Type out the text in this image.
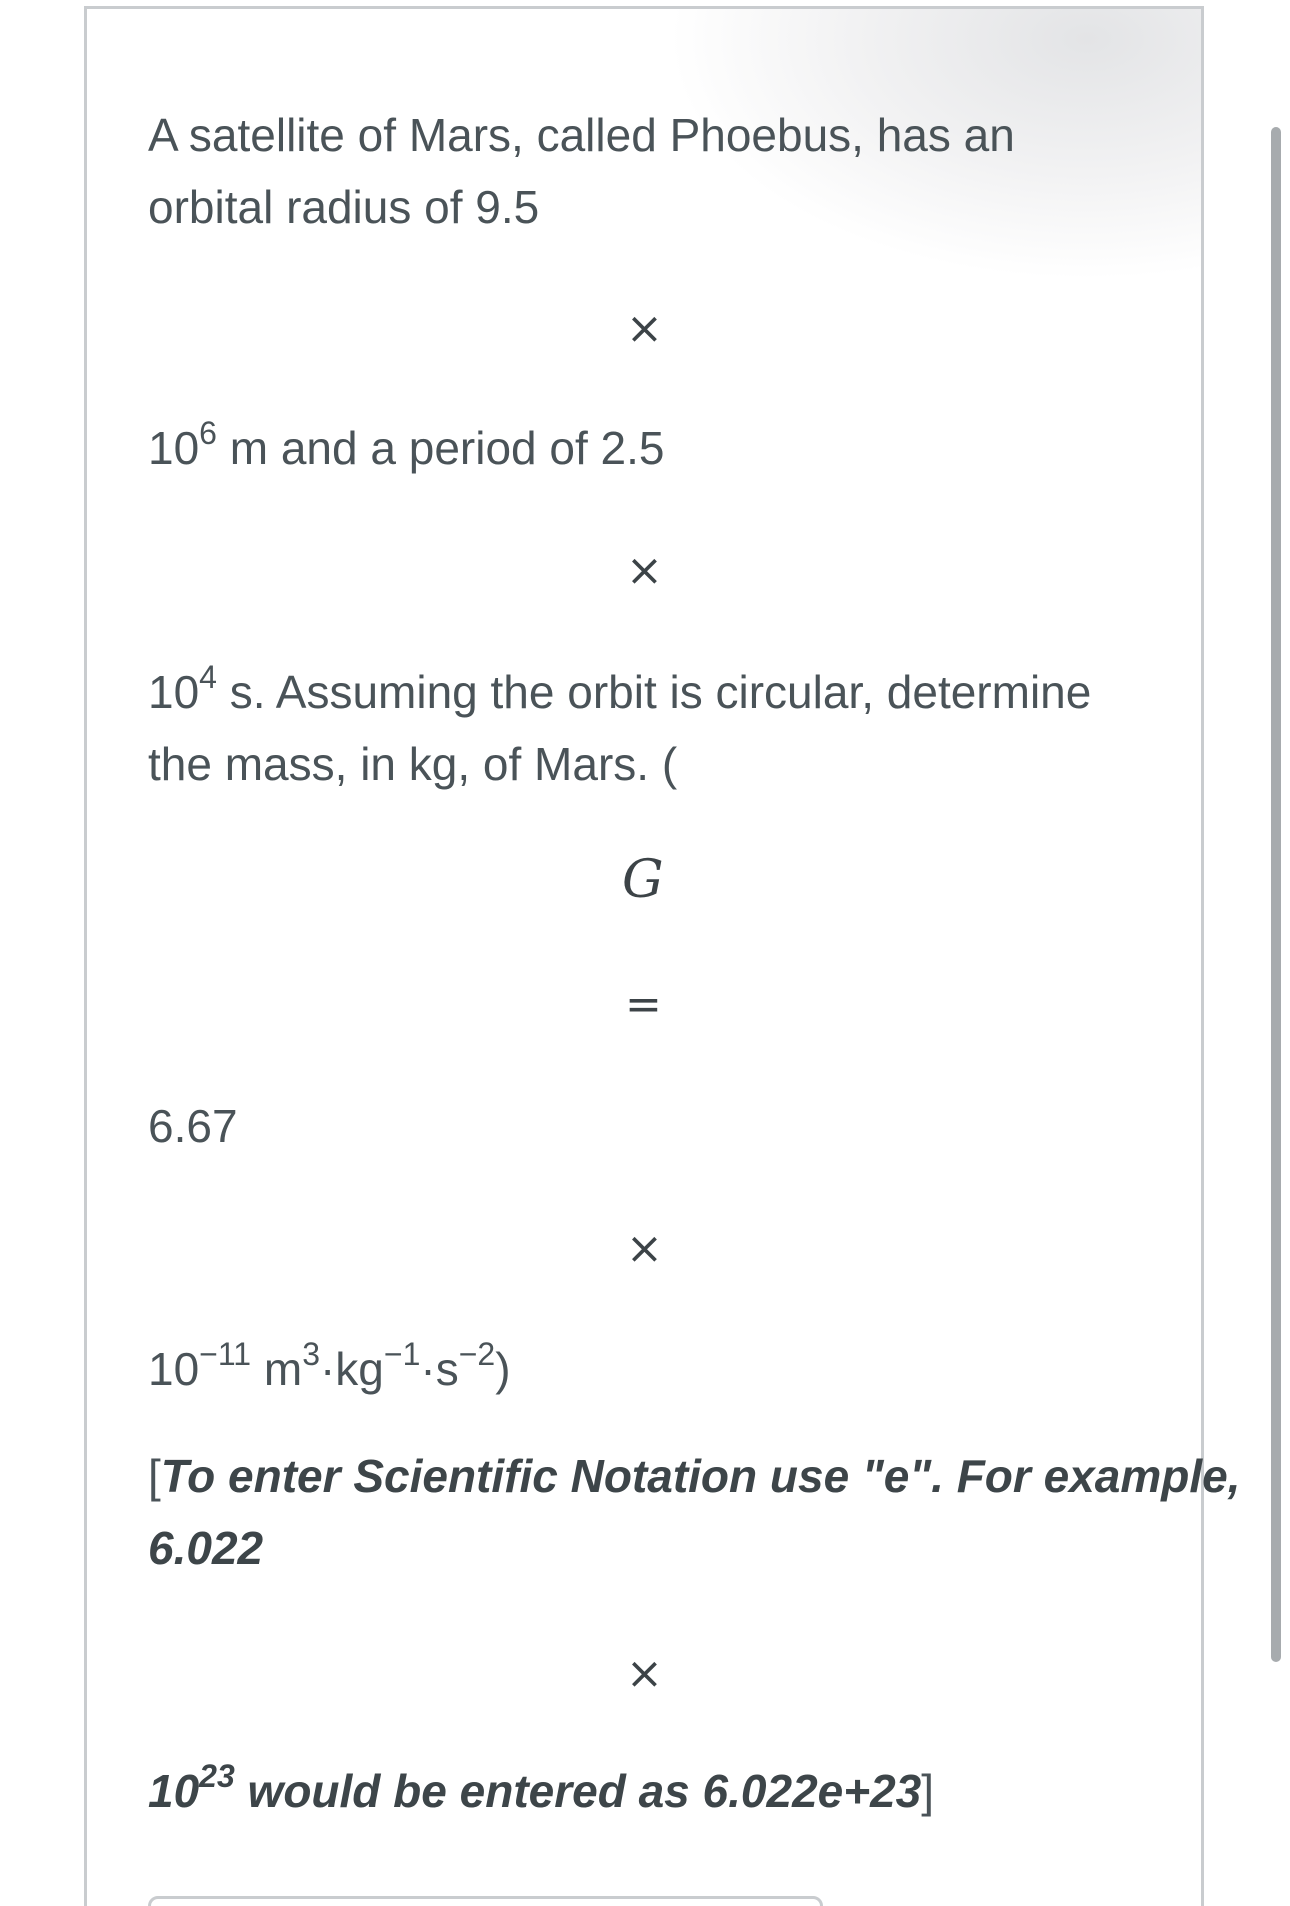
A satellite of Mars, called Phoebus, has an
orbital radius of 9.5
×
$10^6$ m and a period of 2.5
×
$10^4$ s. Assuming the orbit is circular, determine
the mass, in kg, of Mars. (
G
=
6.67
×
$10^{-11}$ $m^3\cdot kg^{-1}\cdot s^{-2}$)
[To enter Scientific Notation use "e". For example,
6.022
×
$10^{23}$ would be entered as 6.022e+23]
